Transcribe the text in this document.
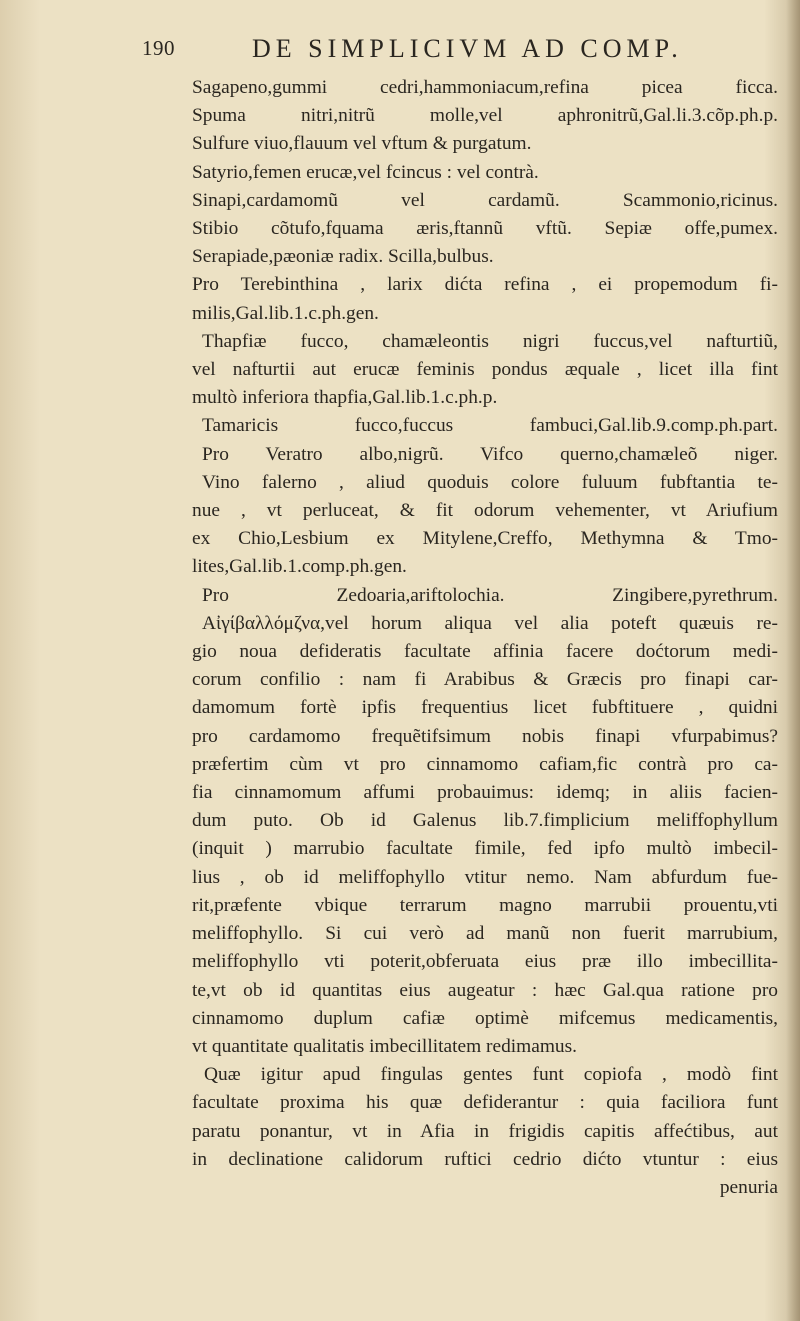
190	DE SIMPLICIVM AD COMP.
Sagapeno,gummi cedri,hammoniacum,refina picea ficca.
Spuma nitri,nitrũ molle,vel aphronitrũ,Gal.li.3.cõp.ph.p.
Sulfure viuo,flauum vel vftum & purgatum.
Satyrio,femen erucæ,vel fcincus : vel contrà.
Sinapi,cardamomũ vel cardamũ. Scammonio,ricinus.
Stibio cõtufo,fquama æris,ftannũ vftũ. Sepiæ offe,pumex.
Serapiade,pæoniæ radix. Scilla,bulbus.
Pro Terebinthina , larix dićta refina , ei propemodum fi-
milis,Gal.lib.1.c.ph.gen.
Thapfiæ fucco, chamæleontis nigri fuccus,vel nafturtiũ,
vel nafturtii aut erucæ feminis pondus æquale , licet illa fint
multò inferiora thapfia,Gal.lib.1.c.ph.p.
Tamaricis fucco,fuccus fambuci,Gal.lib.9.comp.ph.part.
Pro Veratro albo,nigrũ. Vifco querno,chamæleõ niger.
Vino falerno , aliud quoduis colore fuluum fubftantia te-
nue , vt perluceat, & fit odorum vehementer, vt Ariufium
ex Chio,Lesbium ex Mitylene,Creffo, Methymna & Tmo-
lites,Gal.lib.1.comp.ph.gen.
Pro Zedoaria,ariftolochia. Zingibere,pyrethrum.
Aἰγίβαλλόμζνα,vel horum aliqua vel alia poteft quæuis re-
gio noua defideratis facultate affinia facere doćtorum medi-
corum confilio : nam fi Arabibus & Græcis pro finapi car-
damomum fortè ipfis frequentius licet fubftituere , quidni
pro cardamomo frequẽtifsimum nobis finapi vfurpabimus?
præfertim cùm vt pro cinnamomo cafiam,fic contrà pro ca-
fia cinnamomum affumi probauimus: idemq; in aliis facien-
dum puto. Ob id Galenus lib.7.fimplicium meliffophyllum
(inquit ) marrubio facultate fimile, fed ipfo multò imbecil-
lius , ob id meliffophyllo vtitur nemo. Nam abfurdum fue-
rit,præfente vbique terrarum magno marrubii prouentu,vti
meliffophyllo. Si cui verò ad manũ non fuerit marrubium,
meliffophyllo vti poterit,obferuata eius præ illo imbecillita-
te,vt ob id quantitas eius augeatur : hæc Gal.qua ratione pro
cinnamomo duplum cafiæ optimè mifcemus medicamentis,
vt quantitate qualitatis imbecillitatem redimamus.
Quæ igitur apud fingulas gentes funt copiofa , modò fint
facultate proxima his quæ defiderantur : quia faciliora funt
paratu ponantur, vt in Afia in frigidis capitis affećtibus, aut
in declinatione calidorum ruftici cedrio dićto vtuntur : eius
penuria
